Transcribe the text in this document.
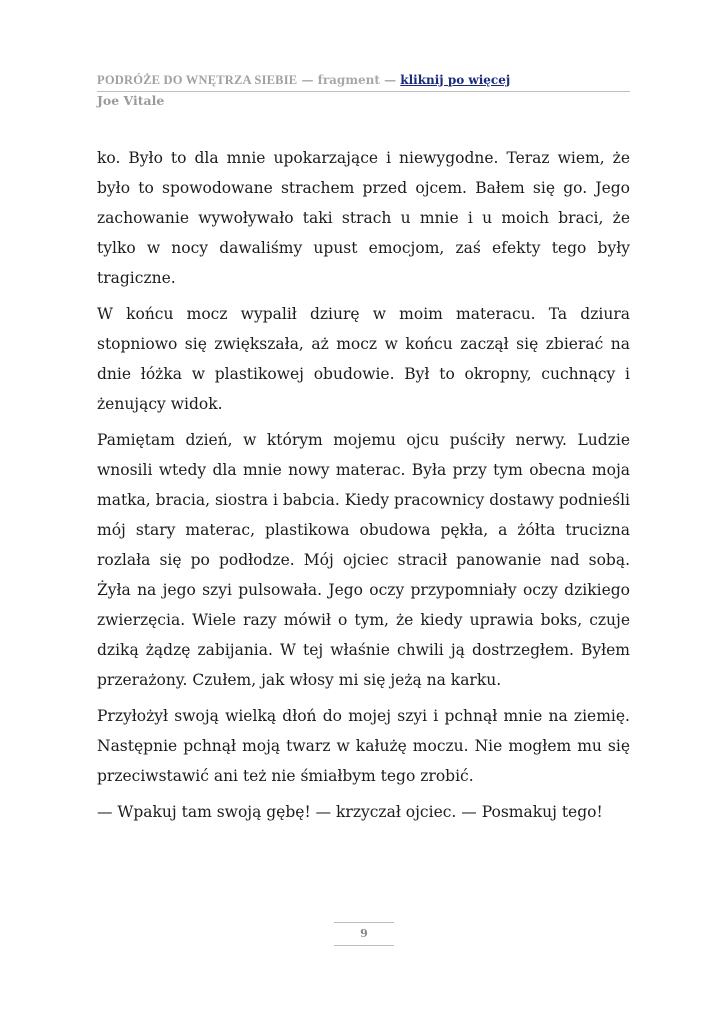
PODRÓŻE DO WNĘTRZA SIEBIE — fragment — kliknij po więcej
Joe Vitale

ko. Było to dla mnie upokarzające i niewygodne. Teraz wiem, że było to spowodowane strachem przed ojcem. Bałem się go. Jego zachowanie wywoływało taki strach u mnie i u moich braci, że tylko w nocy dawaliśmy upust emocjom, zaś efekty tego były tragiczne.

W końcu mocz wypalił dziurę w moim materacu. Ta dziura stopniowo się zwiększała, aż mocz w końcu zaczął się zbierać na dnie łóżka w plastikowej obudowie. Był to okropny, cuchnący i żenujący widok.

Pamiętam dzień, w którym mojemu ojcu puściły nerwy. Ludzie wnosili wtedy dla mnie nowy materac. Była przy tym obecna moja matka, bracia, siostra i babcia. Kiedy pracownicy dostawy podnieśli mój stary materac, plastikowa obudowa pękła, a żółta trucizna rozlała się po podłodze. Mój ojciec stracił panowanie nad sobą. Żyła na jego szyi pulsowała. Jego oczy przypomniały oczy dzikiego zwierzęcia. Wiele razy mówił o tym, że kiedy uprawia boks, czuje dziką żądzę zabijania. W tej właśnie chwili ją dostrzegłem. Byłem przerażony. Czułem, jak włosy mi się jeżą na karku.

Przyłożył swoją wielką dłoń do mojej szyi i pchnął mnie na ziemię. Następnie pchnął moją twarz w kałużę moczu. Nie mogłem mu się przeciwstawić ani też nie śmiałbym tego zrobić.

— Wpakuj tam swoją gębę! — krzyczał ojciec. — Posmakuj tego!

9
